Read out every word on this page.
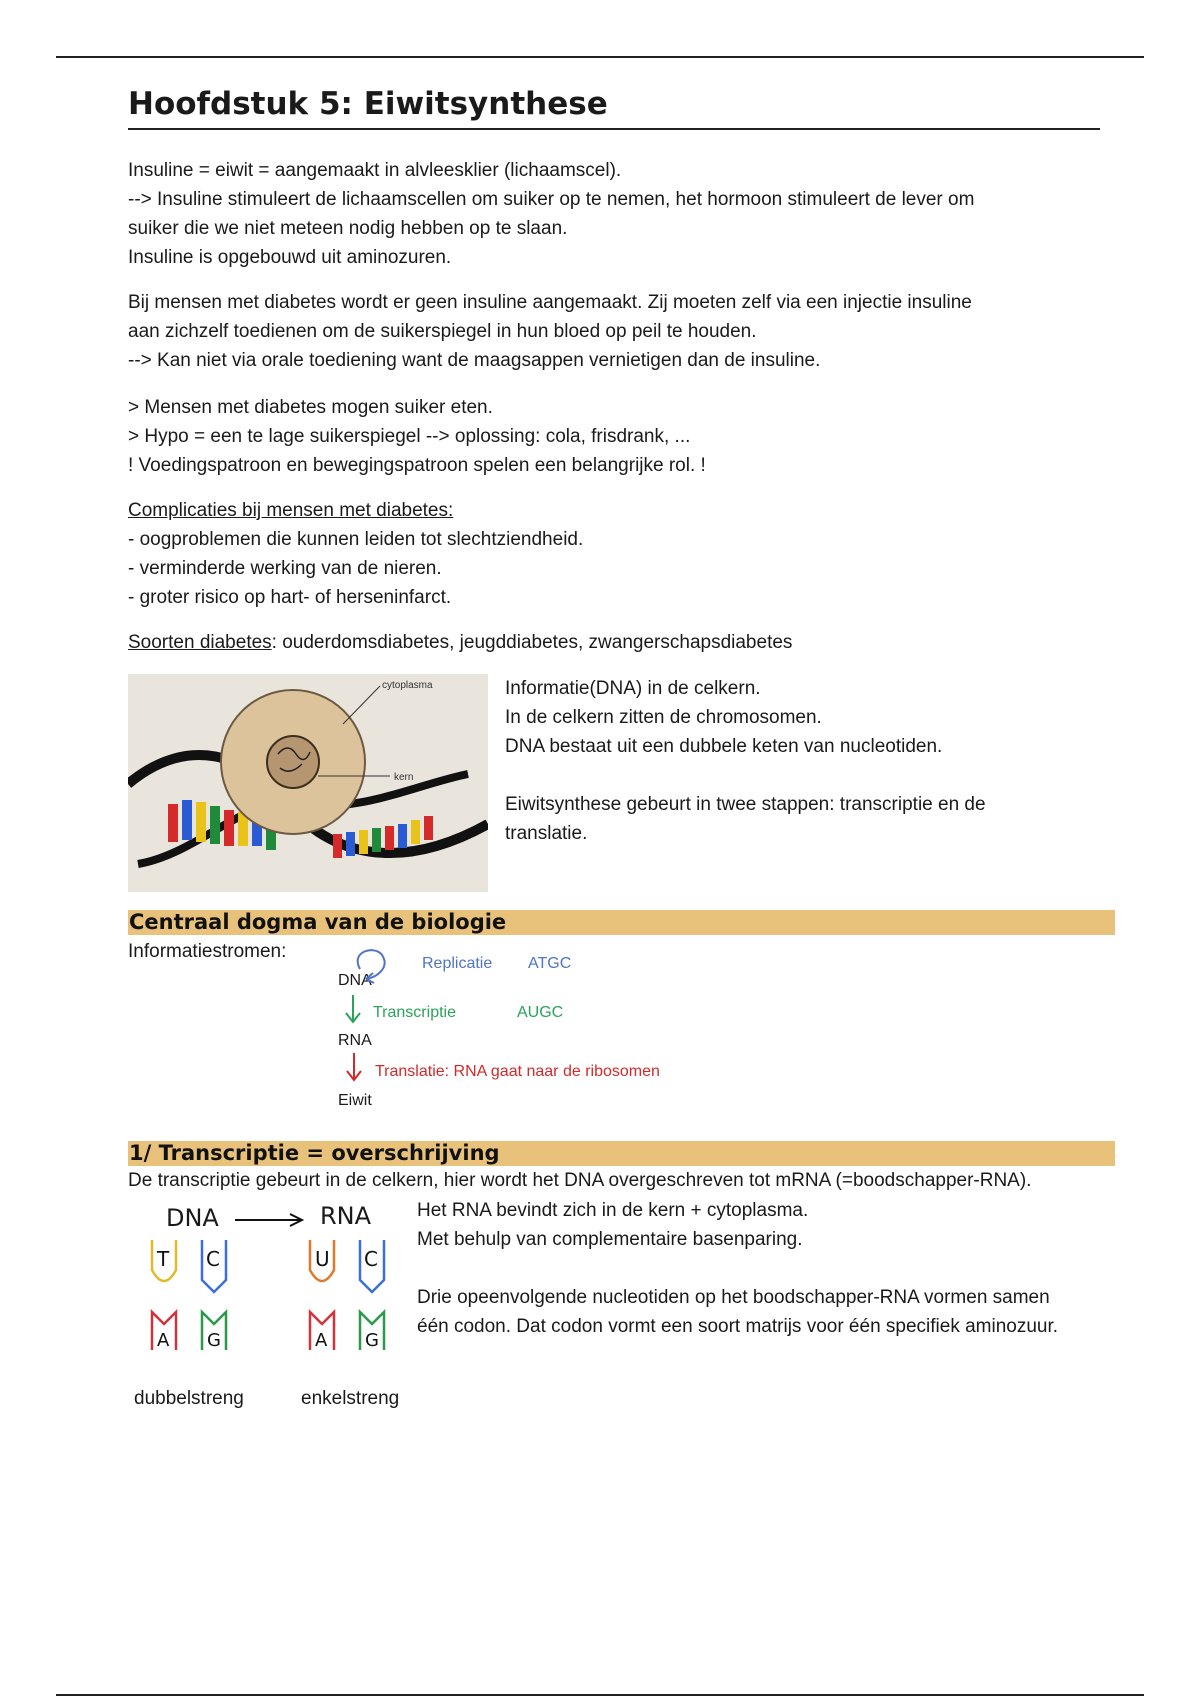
Hoofdstuk 5: Eiwitsynthese

Insuline = eiwit = aangemaakt in alvleesklier (lichaamscel).

--> Insuline stimuleert de lichaamscellen om suiker op te nemen, het hormoon stimuleert de lever om

suiker die we niet meteen nodig hebben op te slaan.

Insuline is opgebouwd uit aminozuren.

Bij mensen met diabetes wordt er geen insuline aangemaakt. Zij moeten zelf via een injectie insuline

aan zichzelf toedienen om de suikerspiegel in hun bloed op peil te houden.

--> Kan niet via orale toediening want de maagsappen vernietigen dan de insuline.

> Mensen met diabetes mogen suiker eten.

> Hypo = een te lage suikerspiegel --> oplossing: cola, frisdrank, ...

! Voedingspatroon en bewegingspatroon spelen een belangrijke rol. !

Complicaties bij mensen met diabetes:

- oogproblemen die kunnen leiden tot slechtziendheid.

- verminderde werking van de nieren.

- groter risico op hart- of herseninfarct.

Soorten diabetes: ouderdomsdiabetes, jeugddiabetes, zwangerschapsdiabetes

cytoplasma
kern

Informatie(DNA) in de celkern.

In de celkern zitten de chromosomen.

DNA bestaat uit een dubbele keten van nucleotiden.

Eiwitsynthese gebeurt in twee stappen: transcriptie en de

translatie.

Centraal dogma van de biologie

Informatiestromen:

DNA
Replicatie ATGC
Transcriptie	AUGC
RNA
Translatie: RNA gaat naar de ribosomen
Eiwit
1/ Transcriptie = overschrijving

De transcriptie gebeurt in de celkern, hier wordt het DNA overgeschreven tot mRNA (=boodschapper-RNA).

DNA	RNA
T C
A G
U C
A G
dubbelstreng	enkelstreng

Het RNA bevindt zich in de kern + cytoplasma.

Met behulp van complementaire basenparing.

Drie opeenvolgende nucleotiden op het boodschapper-RNA vormen samen

één codon. Dat codon vormt een soort matrijs voor één specifiek aminozuur.
